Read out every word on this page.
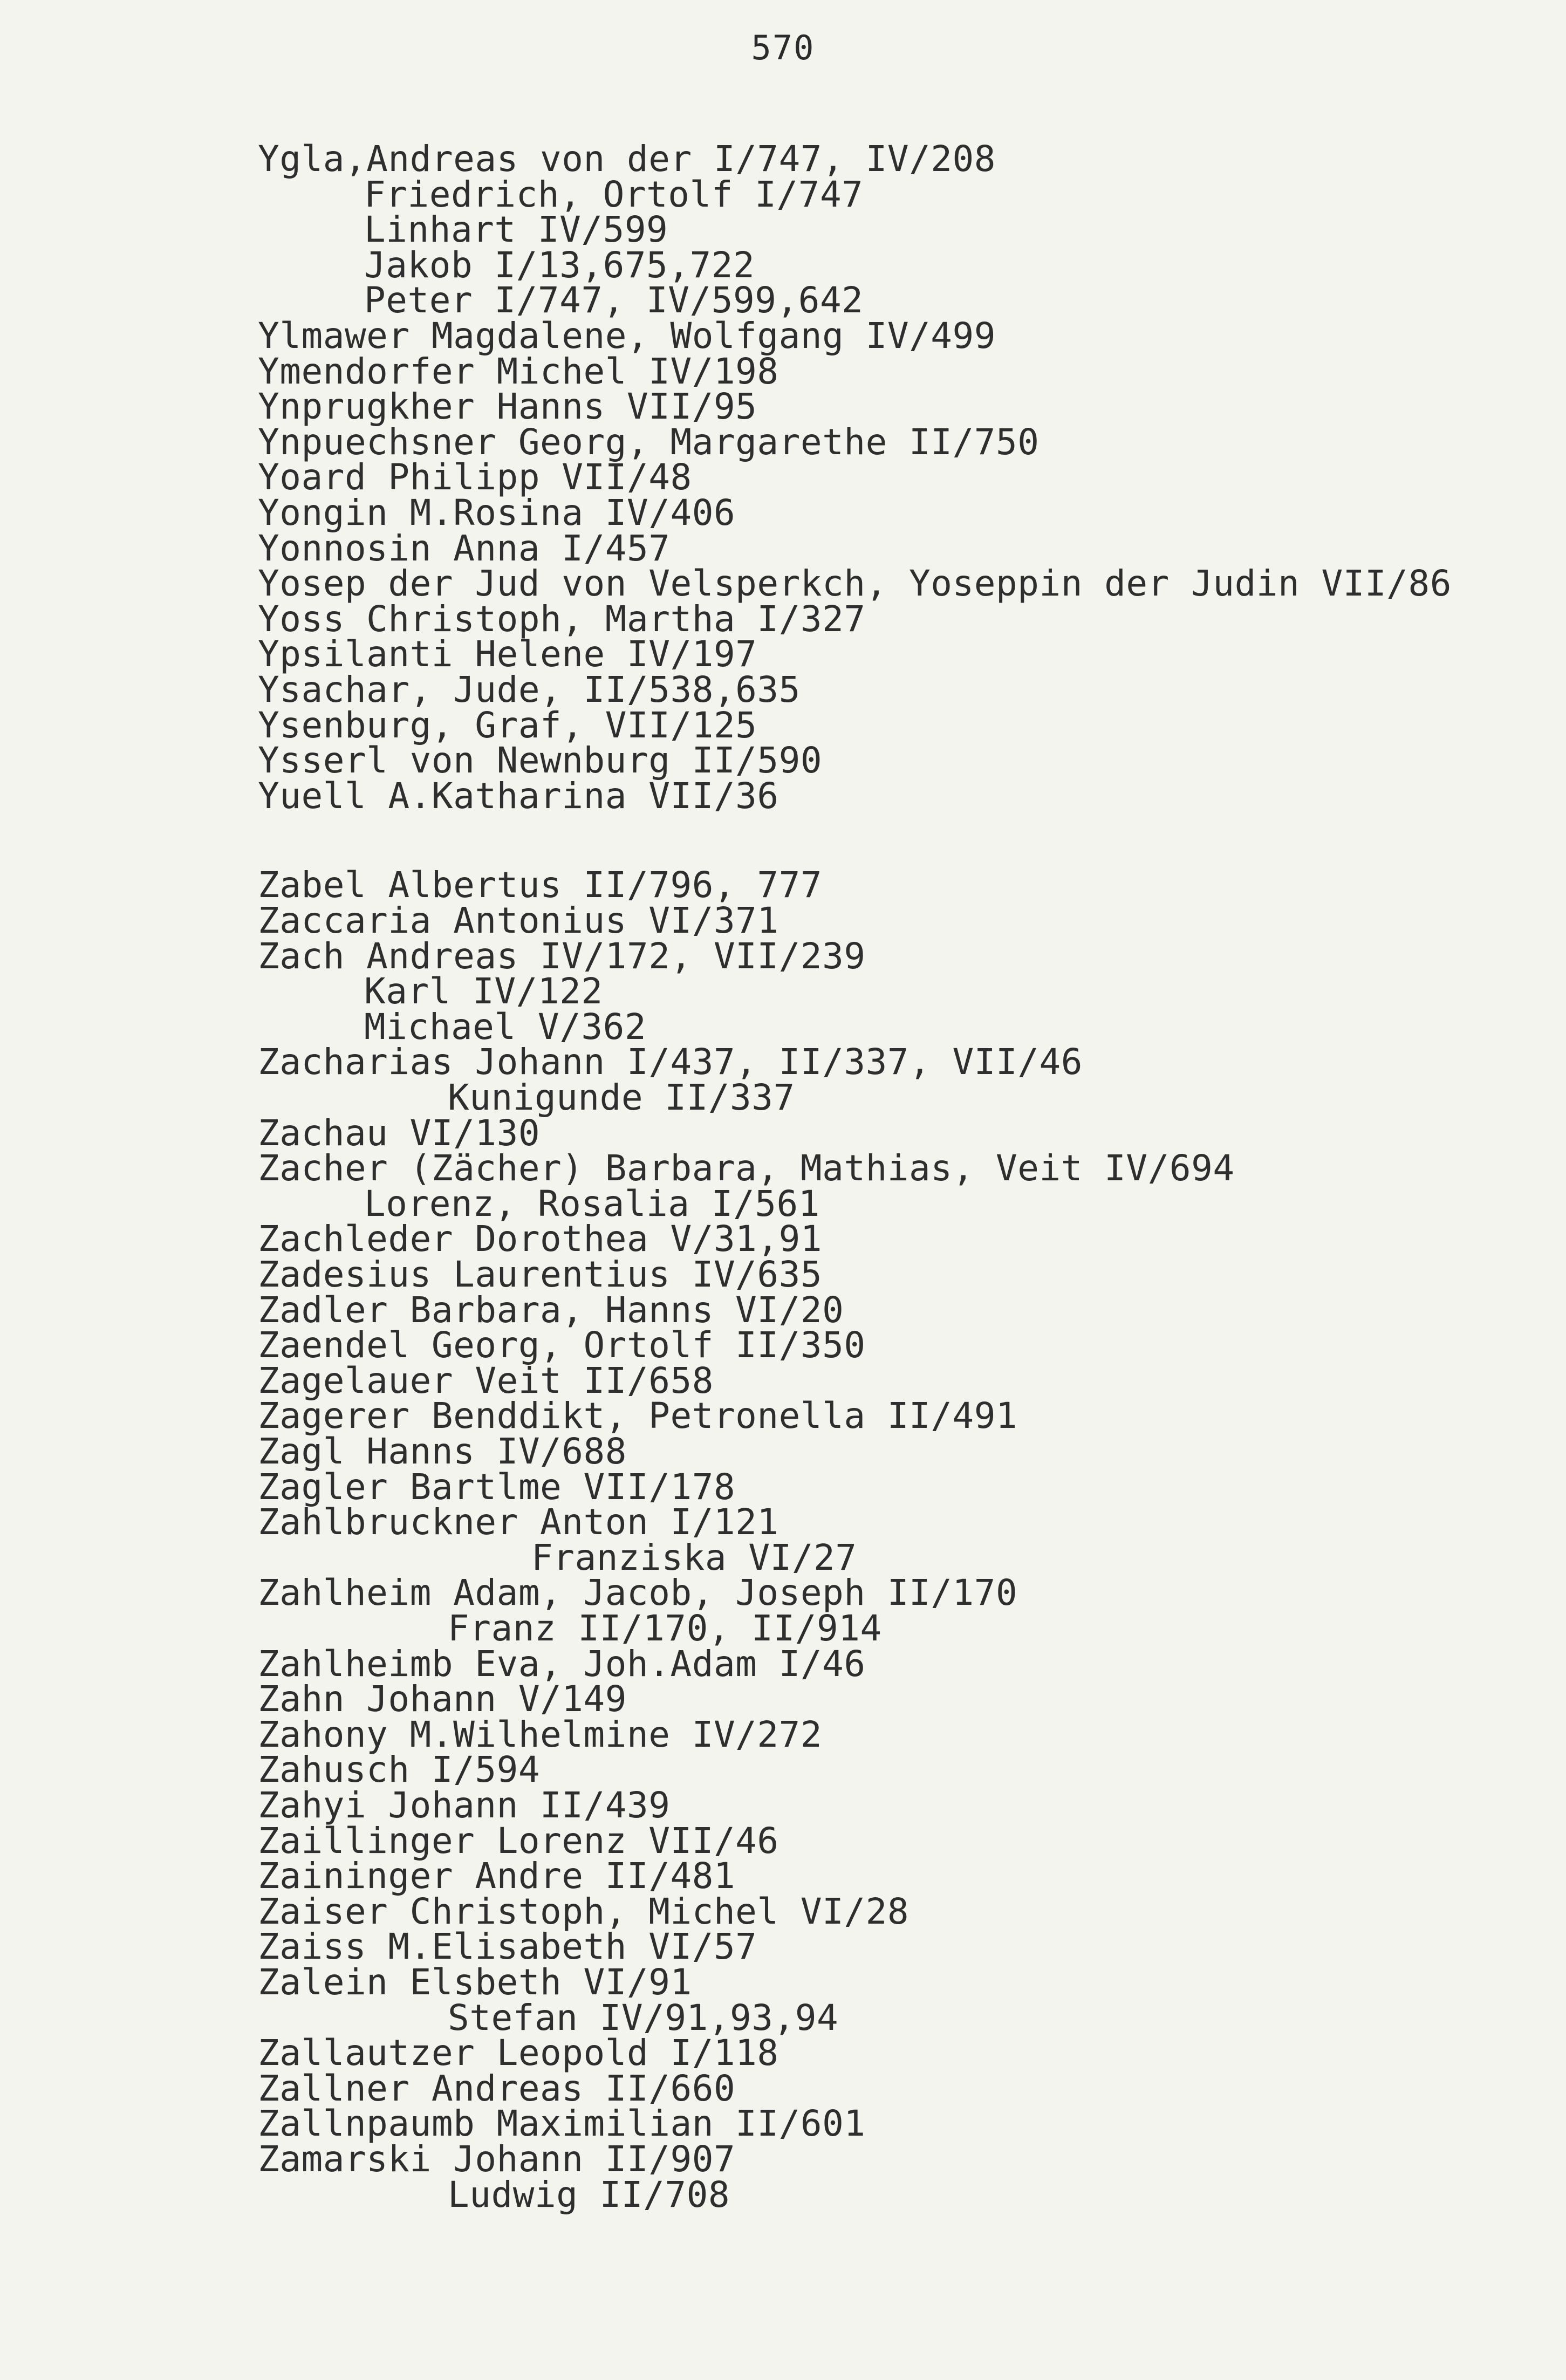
570
Ygla,Andreas von der I/747, IV/208
Friedrich, Ortolf I/747
Linhart IV/599
Jakob I/13,675,722
Peter I/747, IV/599,642
Ylmawer Magdalene, Wolfgang IV/499
Ymendorfer Michel IV/198
Ynprugkher Hanns VII/95
Ynpuechsner Georg, Margarethe II/750
Yoard Philipp VII/48
Yongin M.Rosina IV/406
Yonnosin Anna I/457
Yosep der Jud von Velsperkch, Yoseppin der Judin VII/86
Yoss Christoph, Martha I/327
Ypsilanti Helene IV/197
Ysachar, Jude, II/538,635
Ysenburg, Graf, VII/125
Ysserl von Newnburg II/590
Yuell A.Katharina VII/36
Zabel Albertus II/796, 777
Zaccaria Antonius VI/371
Zach Andreas IV/172, VII/239
Karl IV/122
Michael V/362
Zacharias Johann I/437, II/337, VII/46
Kunigunde II/337
Zachau VI/130
Zacher (Zächer) Barbara, Mathias, Veit IV/694
Lorenz, Rosalia I/561
Zachleder Dorothea V/31,91
Zadesius Laurentius IV/635
Zadler Barbara, Hanns VI/20
Zaendel Georg, Ortolf II/350
Zagelauer Veit II/658
Zagerer Benddikt, Petronella II/491
Zagl Hanns IV/688
Zagler Bartlme VII/178
Zahlbruckner Anton I/121
Franziska VI/27
Zahlheim Adam, Jacob, Joseph II/170
Franz II/170, II/914
Zahlheimb Eva, Joh.Adam I/46
Zahn Johann V/149
Zahony M.Wilhelmine IV/272
Zahusch I/594
Zahyi Johann II/439
Zaillinger Lorenz VII/46
Zaininger Andre II/481
Zaiser Christoph, Michel VI/28
Zaiss M.Elisabeth VI/57
Zalein Elsbeth VI/91
Stefan IV/91,93,94
Zallautzer Leopold I/118
Zallner Andreas II/660
Zallnpaumb Maximilian II/601
Zamarski Johann II/907
Ludwig II/708
